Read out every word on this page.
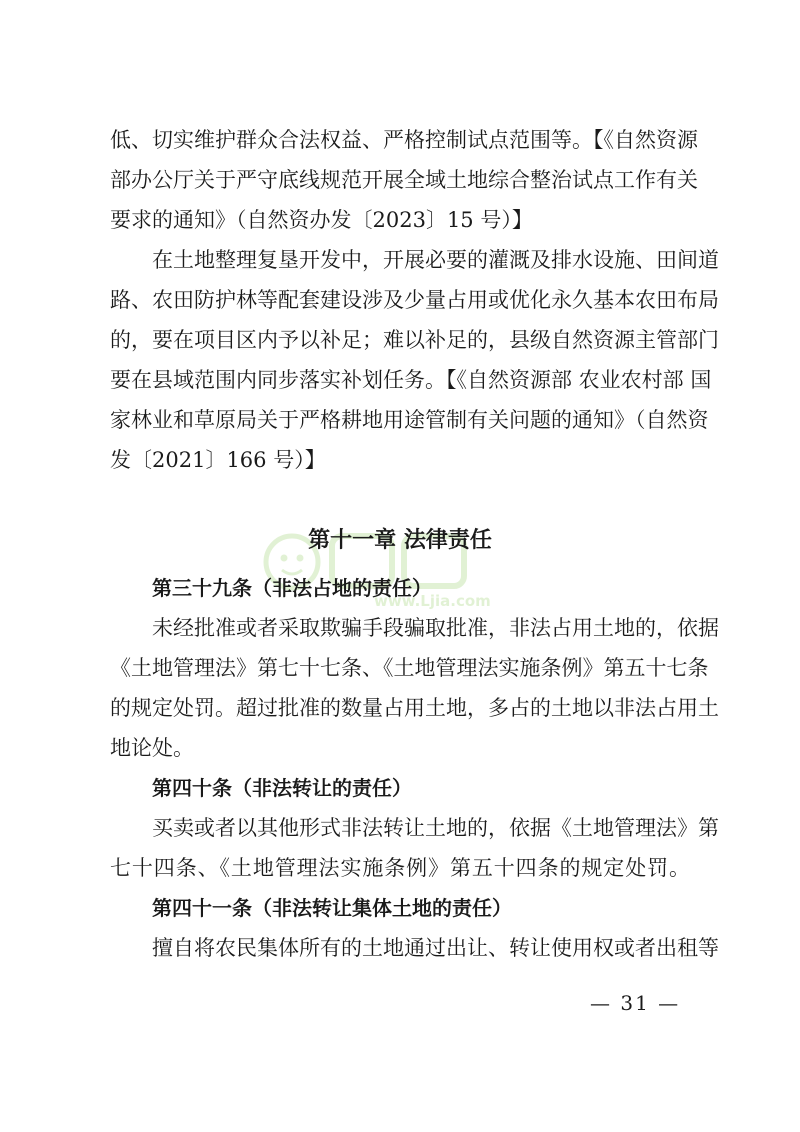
低、切实维护群众合法权益、严格控制试点范围等。【《自然资源
部办公厅关于严守底线规范开展全域土地综合整治试点工作有关
要求的通知》（自然资办发〔2023〕15 号）】
在土地整理复垦开发中，开展必要的灌溉及排水设施、田间道
路、农田防护林等配套建设涉及少量占用或优化永久基本农田布局
的，要在项目区内予以补足；难以补足的，县级自然资源主管部门
要在县域范围内同步落实补划任务。【《自然资源部 农业农村部 国
家林业和草原局关于严格耕地用途管制有关问题的通知》（自然资
发〔2021〕166 号）】
www.Ljia.com
第十一章 法律责任
第三十九条（非法占地的责任）
未经批准或者采取欺骗手段骗取批准，非法占用土地的，依据
《土地管理法》第七十七条、《土地管理法实施条例》第五十七条
的规定处罚。超过批准的数量占用土地，多占的土地以非法占用土
地论处。
第四十条（非法转让的责任）
买卖或者以其他形式非法转让土地的，依据《土地管理法》第
七十四条、《土地管理法实施条例》第五十四条的规定处罚。
第四十一条（非法转让集体土地的责任）
擅自将农民集体所有的土地通过出让、转让使用权或者出租等
— 31 —
